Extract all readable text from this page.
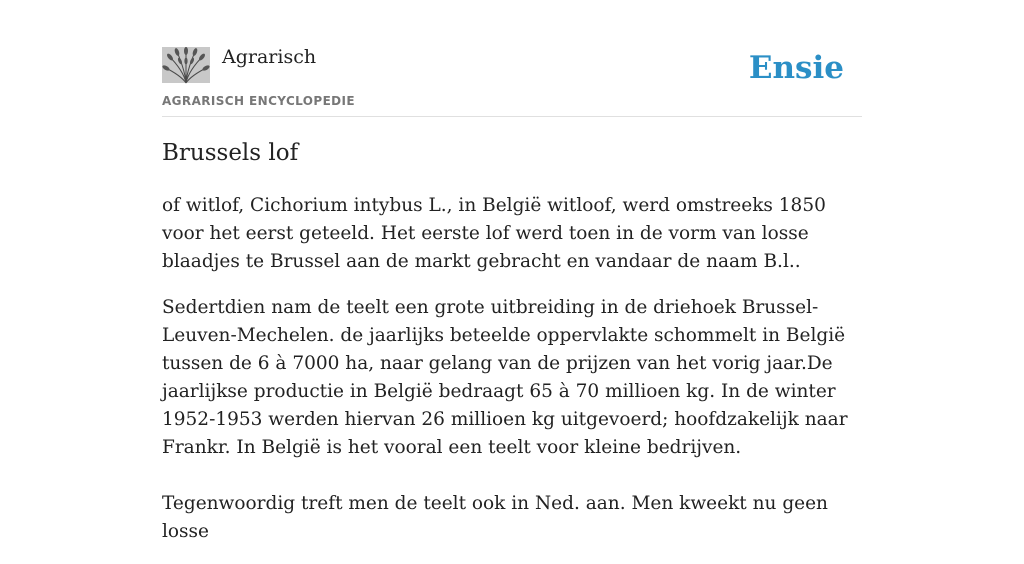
Agrarisch
AGRARISCH ENCYCLOPEDIE
Ensie
Brussels lof

of witlof, Cichorium intybus L., in België witloof, werd omstreeks 1850 voor het eerst geteeld. Het eerste lof werd toen in de vorm van losse blaadjes te Brussel aan de markt gebracht en vandaar de naam B.l..

Sedertdien nam de teelt een grote uitbreiding in de driehoek Brussel-Leuven-Mechelen. de jaarlijks beteelde oppervlakte schommelt in België tussen de 6 à 7000 ha, naar gelang van de prijzen van het vorig jaar.De jaarlijkse productie in België bedraagt 65 à 70 millioen kg. In de winter 1952-1953 werden hiervan 26 millioen kg uitgevoerd; hoofdzakelijk naar Frankr. In België is het vooral een teelt voor kleine bedrijven.

Tegenwoordig treft men de teelt ook in Ned. aan. Men kweekt nu geen losse
